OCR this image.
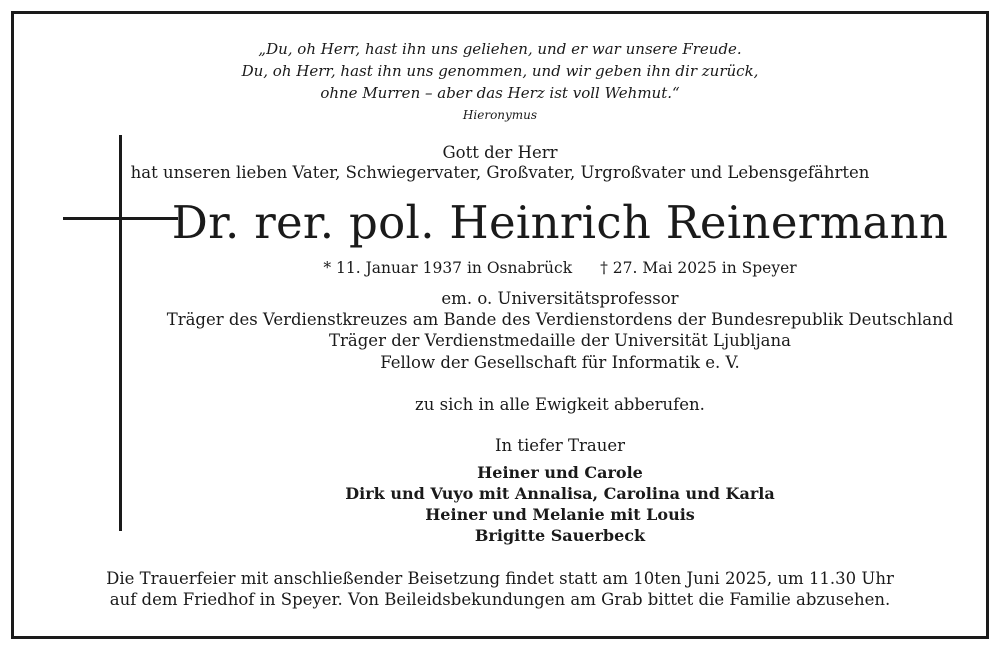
„Du, oh Herr, hast ihn uns geliehen, und er war unsere Freude.
Du, oh Herr, hast ihn uns genommen, und wir geben ihn dir zurück,
ohne Murren – aber das Herz ist voll Wehmut.“
Hieronymus
Gott der Herr
hat unseren lieben Vater, Schwiegervater, Großvater, Urgroßvater und Lebensgefährten
Dr. rer. pol. Heinrich Reinermann
* 11. Januar 1937 in Osnabrück † 27. Mai 2025 in Speyer
em. o. Universitätsprofessor
Träger des Verdienstkreuzes am Bande des Verdienstordens der Bundesrepublik Deutschland
Träger der Verdienstmedaille der Universität Ljubljana
Fellow der Gesellschaft für Informatik e. V.
zu sich in alle Ewigkeit abberufen.
In tiefer Trauer
Heiner und Carole
Dirk und Vuyo mit Annalisa, Carolina und Karla
Heiner und Melanie mit Louis
Brigitte Sauerbeck
Die Trauerfeier mit anschließender Beisetzung findet statt am 10ten Juni 2025, um 11.30 Uhr
auf dem Friedhof in Speyer. Von Beileidsbekundungen am Grab bittet die Familie abzusehen.
